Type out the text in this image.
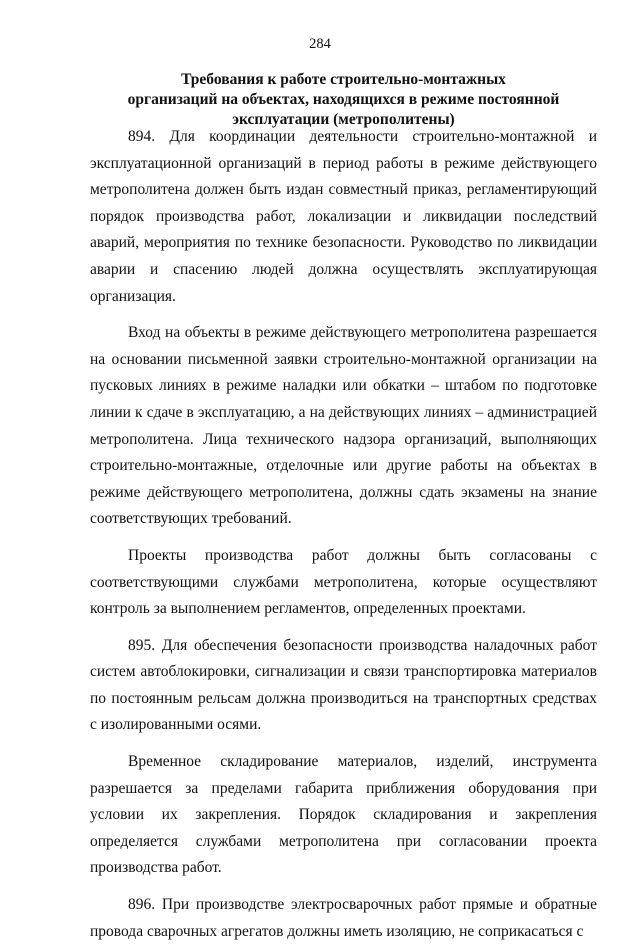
284
Требования к работе строительно-монтажных
организаций на объектах, находящихся в режиме постоянной
эксплуатации (метрополитены)

894. Для координации деятельности строительно-монтажной и эксплуатационной организаций в период работы в режиме действующего метрополитена должен быть издан совместный приказ, регламентирующий порядок производства работ, локализации и ликвидации последствий аварий, мероприятия по технике безопасности. Руководство по ликвидации аварии и спасению людей должна осуществлять эксплуатирующая организация.

Вход на объекты в режиме действующего метрополитена разрешается на основании письменной заявки строительно-монтажной организации на пусковых линиях в режиме наладки или обкатки – штабом по подготовке линии к сдаче в эксплуатацию, а на действующих линиях – администрацией метрополитена. Лица технического надзора организаций, выполняющих строительно-монтажные, отделочные или другие работы на объектах в режиме действующего метрополитена, должны сдать экзамены на знание соответствующих требований.

Проекты производства работ должны быть согласованы с соответствующими службами метрополитена, которые осуществляют контроль за выполнением регламентов, определенных проектами.

895. Для обеспечения безопасности производства наладочных работ систем автоблокировки, сигнализации и связи транспортировка материалов по постоянным рельсам должна производиться на транспортных средствах с изолированными осями.

Временное складирование материалов, изделий, инструмента разрешается за пределами габарита приближения оборудования при условии их закрепления. Порядок складирования и закрепления определяется службами метрополитена при согласовании проекта производства работ.

896. При производстве электросварочных работ прямые и обратные провода сварочных агрегатов должны иметь изоляцию, не соприкасаться с
